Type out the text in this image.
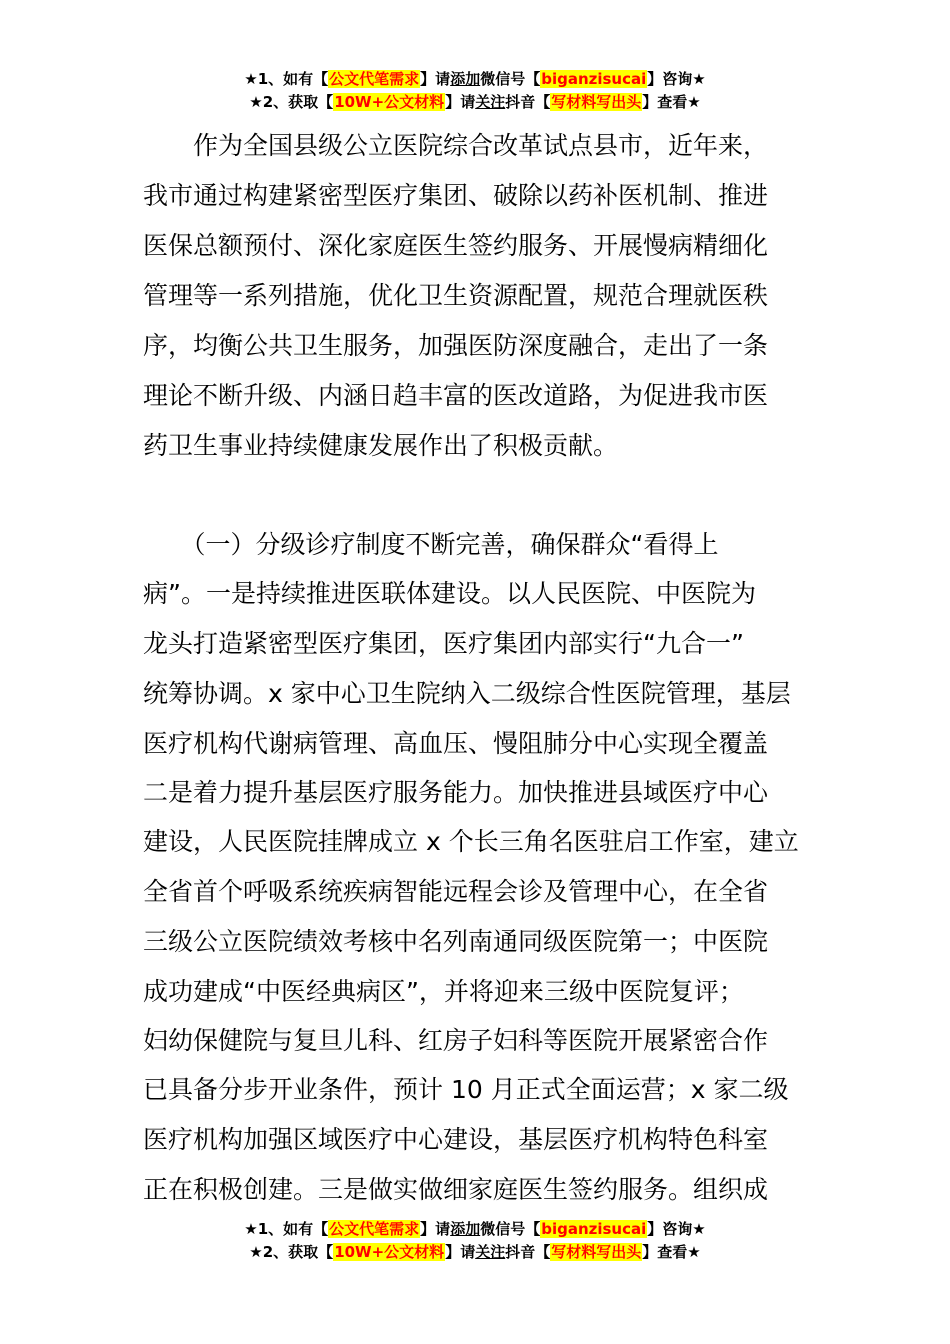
★1、如有【公文代笔需求】请添加微信号【biganzisucai】咨询★
★2、获取【10W+公文材料】请关注抖音【写材料写出头】查看★
　　作为全国县级公立医院综合改革试点县市，近年来，
我市通过构建紧密型医疗集团、破除以药补医机制、推进
医保总额预付、深化家庭医生签约服务、开展慢病精细化
管理等一系列措施，优化卫生资源配置，规范合理就医秩
序，均衡公共卫生服务，加强医防深度融合，走出了一条
理论不断升级、内涵日趋丰富的医改道路，为促进我市医
药卫生事业持续健康发展作出了积极贡献。
　　（一）分级诊疗制度不断完善，确保群众“看得上
病”。一是持续推进医联体建设。以人民医院、中医院为
龙头打造紧密型医疗集团，医疗集团内部实行“九合一”
统筹协调。x 家中心卫生院纳入二级综合性医院管理，基层
医疗机构代谢病管理、高血压、慢阻肺分中心实现全覆盖
二是着力提升基层医疗服务能力。加快推进县域医疗中心
建设，人民医院挂牌成立 x 个长三角名医驻启工作室，建立
全省首个呼吸系统疾病智能远程会诊及管理中心，在全省
三级公立医院绩效考核中名列南通同级医院第一；中医院
成功建成“中医经典病区”，并将迎来三级中医院复评；
妇幼保健院与复旦儿科、红房子妇科等医院开展紧密合作
已具备分步开业条件，预计 10 月正式全面运营；x 家二级
医疗机构加强区域医疗中心建设，基层医疗机构特色科室
正在积极创建。三是做实做细家庭医生签约服务。组织成
★1、如有【公文代笔需求】请添加微信号【biganzisucai】咨询★
★2、获取【10W+公文材料】请关注抖音【写材料写出头】查看★
